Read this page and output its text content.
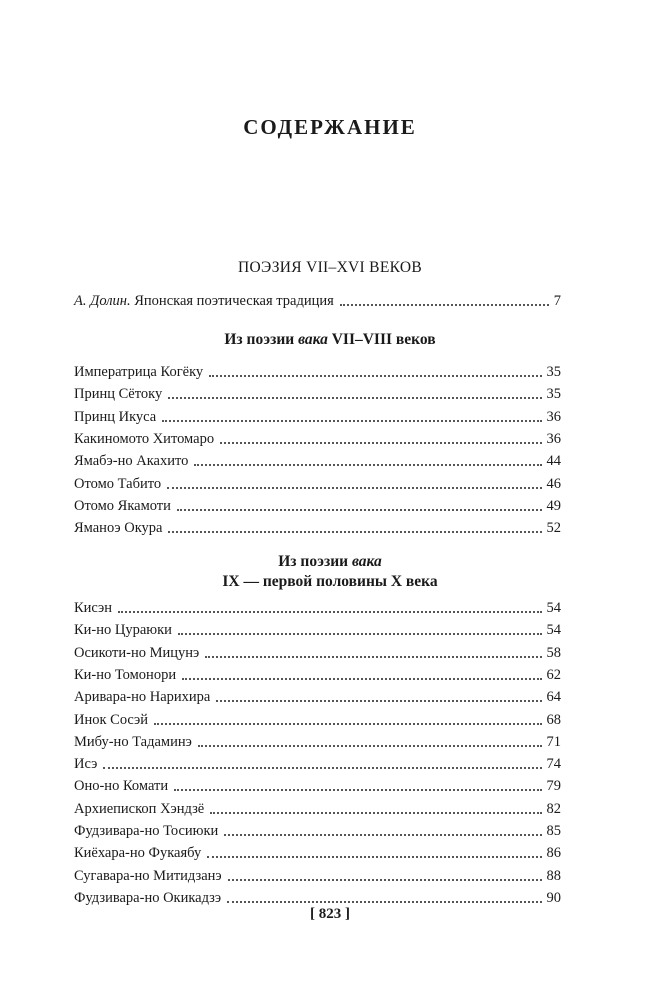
СОДЕРЖАНИЕ
ПОЭЗИЯ VII–XVI ВЕКОВ
А. Долин. Японская поэтическая традиция	7
Из поэзии вака VII–VIII веков
Императрица Когёку	35
Принц Сётоку	35
Принц Икуса	36
Какиномото Хитомаро	36
Ямабэ-но Акахито	44
Отомо Табито	46
Отомо Якамоти	49
Яманоэ Окура	52
Из поэзии вака
IX — первой половины X века
Кисэн	54
Ки-но Цураюки	54
Осикоти-но Мицунэ	58
Ки-но Томонори	62
Аривара-но Нарихира	64
Инок Сосэй	68
Мибу-но Тадаминэ	71
Исэ	74
Оно-но Комати	79
Архиепископ Хэндзё	82
Фудзивара-но Тосиюки	85
Киёхара-но Фукаябу	86
Сугавара-но Митидзанэ	88
Фудзивара-но Окикадзэ	90
[ 823 ]
